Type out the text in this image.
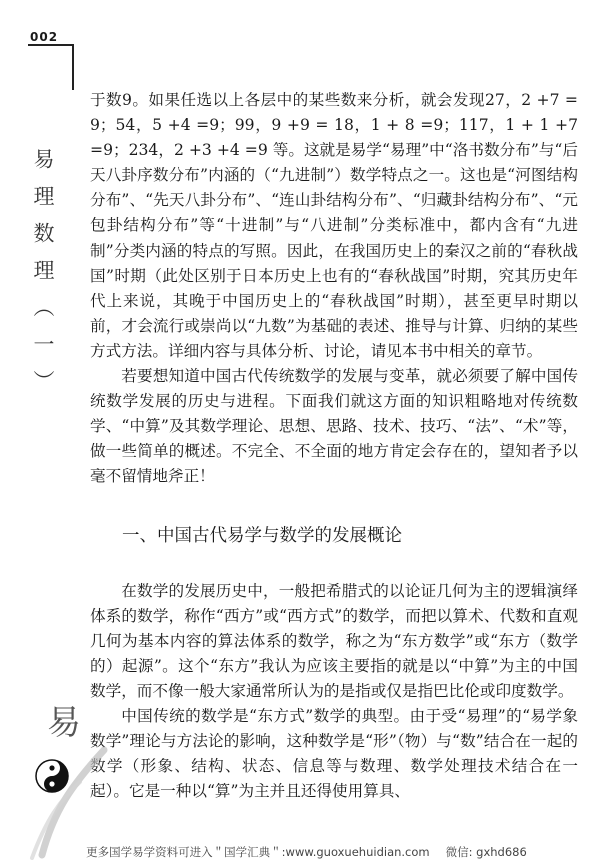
002
易理数理（一）

于数9。如果任选以上各层中的某些数来分析，就会发现27，2 +7 = 9；54，5 +4 =9；99，9 +9 = 18，1 + 8 =9；117，1 + 1 +7 =9；234，2 +3 +4 =9 等。这就是易学“易理”中“洛书数分布”与“后天八卦序数分布”内涵的（“九进制”）数学特点之一。这也是“河图结构分布”、“先天八卦分布”、“连山卦结构分布”、“归藏卦结构分布”、“元包卦结构分布”等“十进制”与“八进制”分类标准中，都内含有“九进制”分类内涵的特点的写照。因此，在我国历史上的秦汉之前的“春秋战国”时期（此处区别于日本历史上也有的“春秋战国”时期，究其历史年代上来说，其晚于中国历史上的“春秋战国”时期），甚至更早时期以前，才会流行或崇尚以“九数”为基础的表述、推导与计算、归纳的某些方式方法。详细内容与具体分析、讨论，请见本书中相关的章节。

若要想知道中国古代传统数学的发展与变革，就必须要了解中国传统数学发展的历史与进程。下面我们就这方面的知识粗略地对传统数学、“中算”及其数学理论、思想、思路、技术、技巧、“法”、“术”等，做一些简单的概述。不完全、不全面的地方肯定会存在的，望知者予以毫不留情地斧正！

一、中国古代易学与数学的发展概论

在数学的发展历史中，一般把希腊式的以论证几何为主的逻辑演绎体系的数学，称作“西方”或“西方式”的数学，而把以算术、代数和直观几何为基本内容的算法体系的数学，称之为“东方数学”或“东方（数学的）起源”。这个“东方”我认为应该主要指的就是以“中算”为主的中国数学，而不像一般大家通常所认为的是指或仅是指巴比伦或印度数学。

中国传统的数学是“东方式”数学的典型。由于受“易理”的“易学象数学”理论与方法论的影响，这种数学是“形”（物）与“数”结合在一起的数学（形象、结构、状态、信息等与数理、数学处理技术结合在一起）。它是一种以“算”为主并且还得使用算具、

易
更多国学易学资料可进入＂国学汇典＂:www.guoxuehuidian.com 微信: gxhd686
